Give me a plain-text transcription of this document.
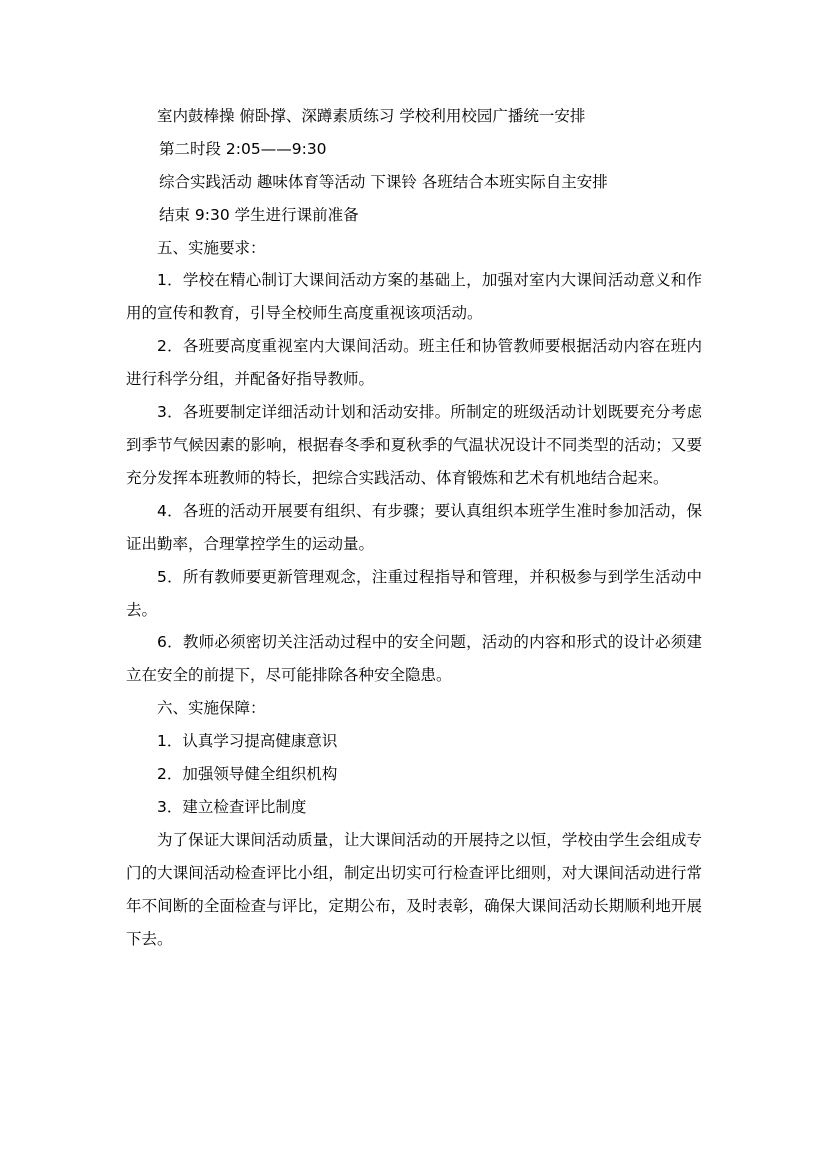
室内鼓棒操 俯卧撑、深蹲素质练习 学校利用校园广播统一安排

第二时段 2:05——9:30

综合实践活动 趣味体育等活动 下课铃 各班结合本班实际自主安排

结束 9:30 学生进行课前准备

五、实施要求：

1．学校在精心制订大课间活动方案的基础上，加强对室内大课间活动意义和作用的宣传和教育，引导全校师生高度重视该项活动。

2．各班要高度重视室内大课间活动。班主任和协管教师要根据活动内容在班内进行科学分组，并配备好指导教师。

3．各班要制定详细活动计划和活动安排。所制定的班级活动计划既要充分考虑到季节气候因素的影响，根据春冬季和夏秋季的气温状况设计不同类型的活动；又要充分发挥本班教师的特长，把综合实践活动、体育锻炼和艺术有机地结合起来。

4．各班的活动开展要有组织、有步骤；要认真组织本班学生准时参加活动，保证出勤率，合理掌控学生的运动量。

5．所有教师要更新管理观念，注重过程指导和管理，并积极参与到学生活动中去。

6．教师必须密切关注活动过程中的安全问题，活动的内容和形式的设计必须建立在安全的前提下，尽可能排除各种安全隐患。

六、实施保障：

1．认真学习提高健康意识

2．加强领导健全组织机构

3．建立检查评比制度

为了保证大课间活动质量，让大课间活动的开展持之以恒，学校由学生会组成专门的大课间活动检查评比小组，制定出切实可行检查评比细则，对大课间活动进行常年不间断的全面检查与评比，定期公布，及时表彰，确保大课间活动长期顺利地开展下去。
